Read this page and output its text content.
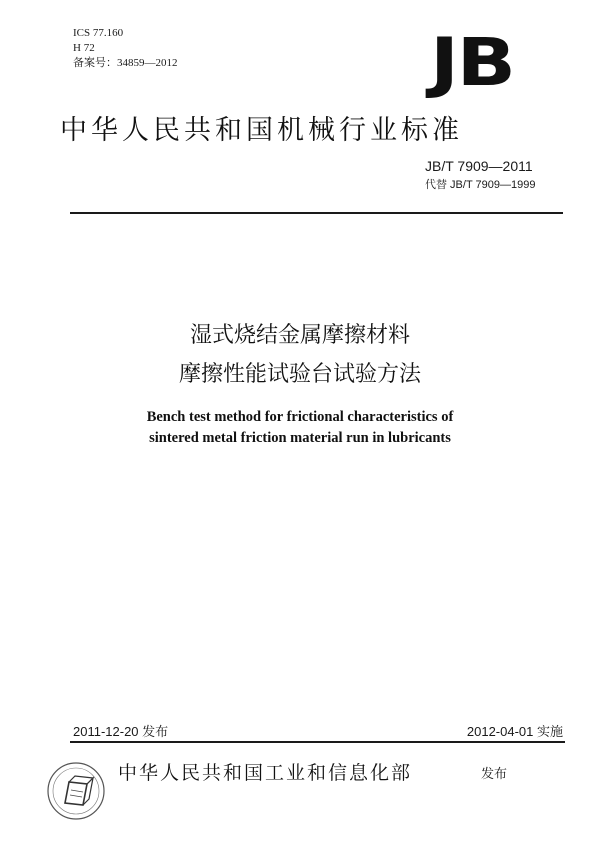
ICS 77.160
H 72
备案号：34859—2012	JB
中华人民共和国机械行业标准
JB/T 7909—2011
代替 JB/T 7909—1999
湿式烧结金属摩擦材料
摩擦性能试验台试验方法
Bench test method for frictional characteristics of
sintered metal friction material run in lubricants
2011-12-20 发布	2012-04-01 实施
中华人民共和国工业和信息化部	发布
